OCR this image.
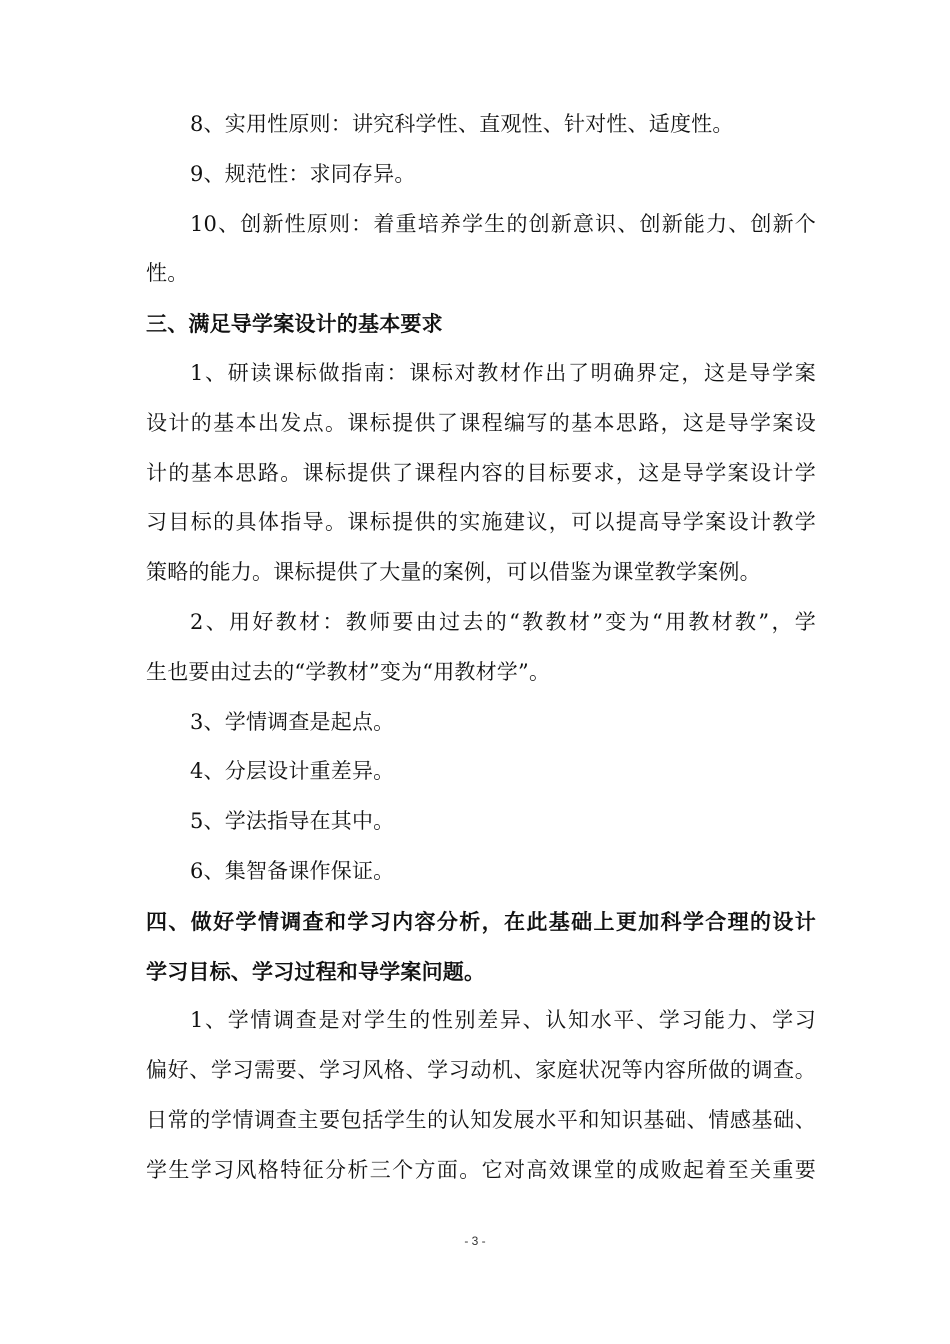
8、实用性原则：讲究科学性、直观性、针对性、适度性。
9、规范性：求同存异。
10、创新性原则：着重培养学生的创新意识、创新能力、创新个
性。
三、满足导学案设计的基本要求
1、研读课标做指南：课标对教材作出了明确界定，这是导学案
设计的基本出发点。课标提供了课程编写的基本思路，这是导学案设
计的基本思路。课标提供了课程内容的目标要求，这是导学案设计学
习目标的具体指导。课标提供的实施建议，可以提高导学案设计教学
策略的能力。课标提供了大量的案例，可以借鉴为课堂教学案例。
2、用好教材：教师要由过去的“教教材”变为“用教材教”，学
生也要由过去的“学教材”变为“用教材学”。
3、学情调查是起点。
4、分层设计重差异。
5、学法指导在其中。
6、集智备课作保证。
四、做好学情调查和学习内容分析，在此基础上更加科学合理的设计
学习目标、学习过程和导学案问题。
1、学情调查是对学生的性别差异、认知水平、学习能力、学习
偏好、学习需要、学习风格、学习动机、家庭状况等内容所做的调查。
日常的学情调查主要包括学生的认知发展水平和知识基础、情感基础、
学生学习风格特征分析三个方面。它对高效课堂的成败起着至关重要
- 3 -
